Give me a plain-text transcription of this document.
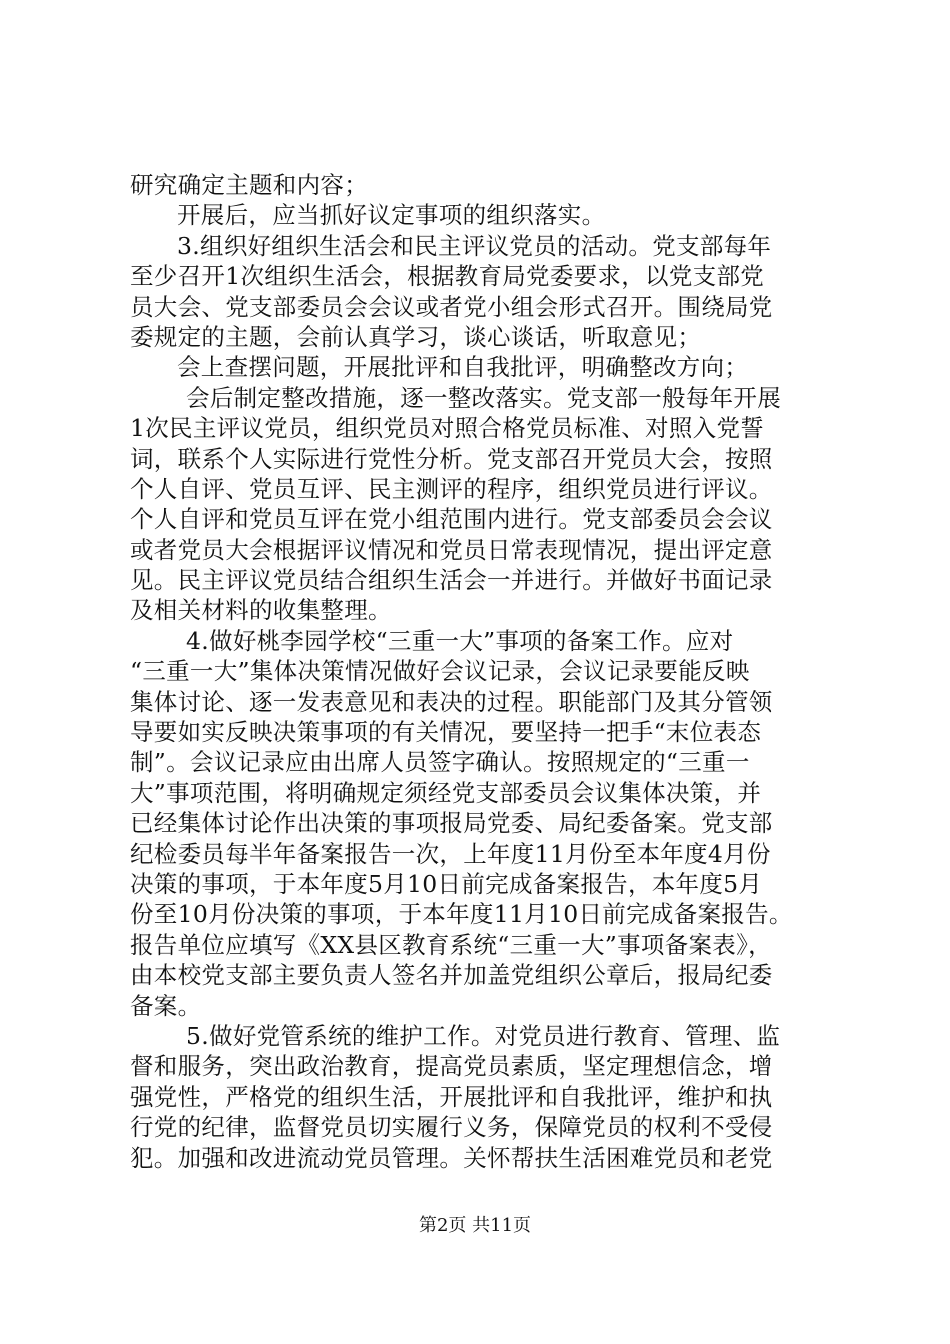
研究确定主题和内容；
开展后，应当抓好议定事项的组织落实。
3.组织好组织生活会和民主评议党员的活动。党支部每年
至少召开1次组织生活会，根据教育局党委要求，以党支部党
员大会、党支部委员会会议或者党小组会形式召开。围绕局党
委规定的主题，会前认真学习，谈心谈话，听取意见；
会上查摆问题，开展批评和自我批评，明确整改方向；
会后制定整改措施，逐一整改落实。党支部一般每年开展
1次民主评议党员，组织党员对照合格党员标准、对照入党誓
词，联系个人实际进行党性分析。党支部召开党员大会，按照
个人自评、党员互评、民主测评的程序，组织党员进行评议。
个人自评和党员互评在党小组范围内进行。党支部委员会会议
或者党员大会根据评议情况和党员日常表现情况，提出评定意
见。民主评议党员结合组织生活会一并进行。并做好书面记录
及相关材料的收集整理。
4.做好桃李园学校“三重一大”事项的备案工作。应对
“三重一大”集体决策情况做好会议记录，会议记录要能反映
集体讨论、逐一发表意见和表决的过程。职能部门及其分管领
导要如实反映决策事项的有关情况，要坚持一把手“末位表态
制”。会议记录应由出席人员签字确认。按照规定的“三重一
大”事项范围，将明确规定须经党支部委员会议集体决策，并
已经集体讨论作出决策的事项报局党委、局纪委备案。党支部
纪检委员每半年备案报告一次，上年度11月份至本年度4月份
决策的事项，于本年度5月10日前完成备案报告，本年度5月
份至10月份决策的事项，于本年度11月10日前完成备案报告。
报告单位应填写《XX县区教育系统“三重一大”事项备案表》，
由本校党支部主要负责人签名并加盖党组织公章后，报局纪委
备案。
5.做好党管系统的维护工作。对党员进行教育、管理、监
督和服务，突出政治教育，提高党员素质，坚定理想信念，增
强党性，严格党的组织生活，开展批评和自我批评，维护和执
行党的纪律，监督党员切实履行义务，保障党员的权利不受侵
犯。加强和改进流动党员管理。关怀帮扶生活困难党员和老党
第2页 共11页
